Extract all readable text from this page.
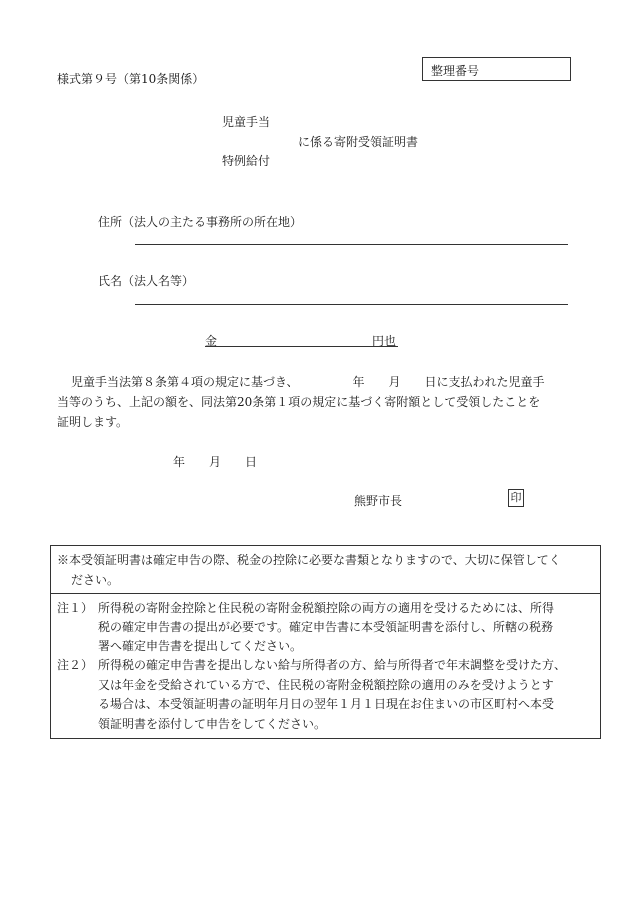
様式第９号（第10条関係）
整理番号
児童手当
に係る寄附受領証明書
特例給付
住所（法人の主たる事務所の所在地）
氏名（法人名等）
金	円也
児童手当法第８条第４項の規定に基づき、　　　　　年　　月　　日に支払われた児童手
当等のうち、上記の額を、同法第20条第１項の規定に基づく寄附額として受領したことを
証明します。
年　　月　　日
熊野市長	印
※本受領証明書は確定申告の際、税金の控除に必要な書類となりますので、大切に保管してく
ださい。
注１） 所得税の寄附金控除と住民税の寄附金税額控除の両方の適用を受けるためには、所得
税の確定申告書の提出が必要です。確定申告書に本受領証明書を添付し、所轄の税務
署へ確定申告書を提出してください。
注２） 所得税の確定申告書を提出しない給与所得者の方、給与所得者で年末調整を受けた方、
又は年金を受給されている方で、住民税の寄附金税額控除の適用のみを受けようとす
る場合は、本受領証明書の証明年月日の翌年１月１日現在お住まいの市区町村へ本受
領証明書を添付して申告をしてください。
